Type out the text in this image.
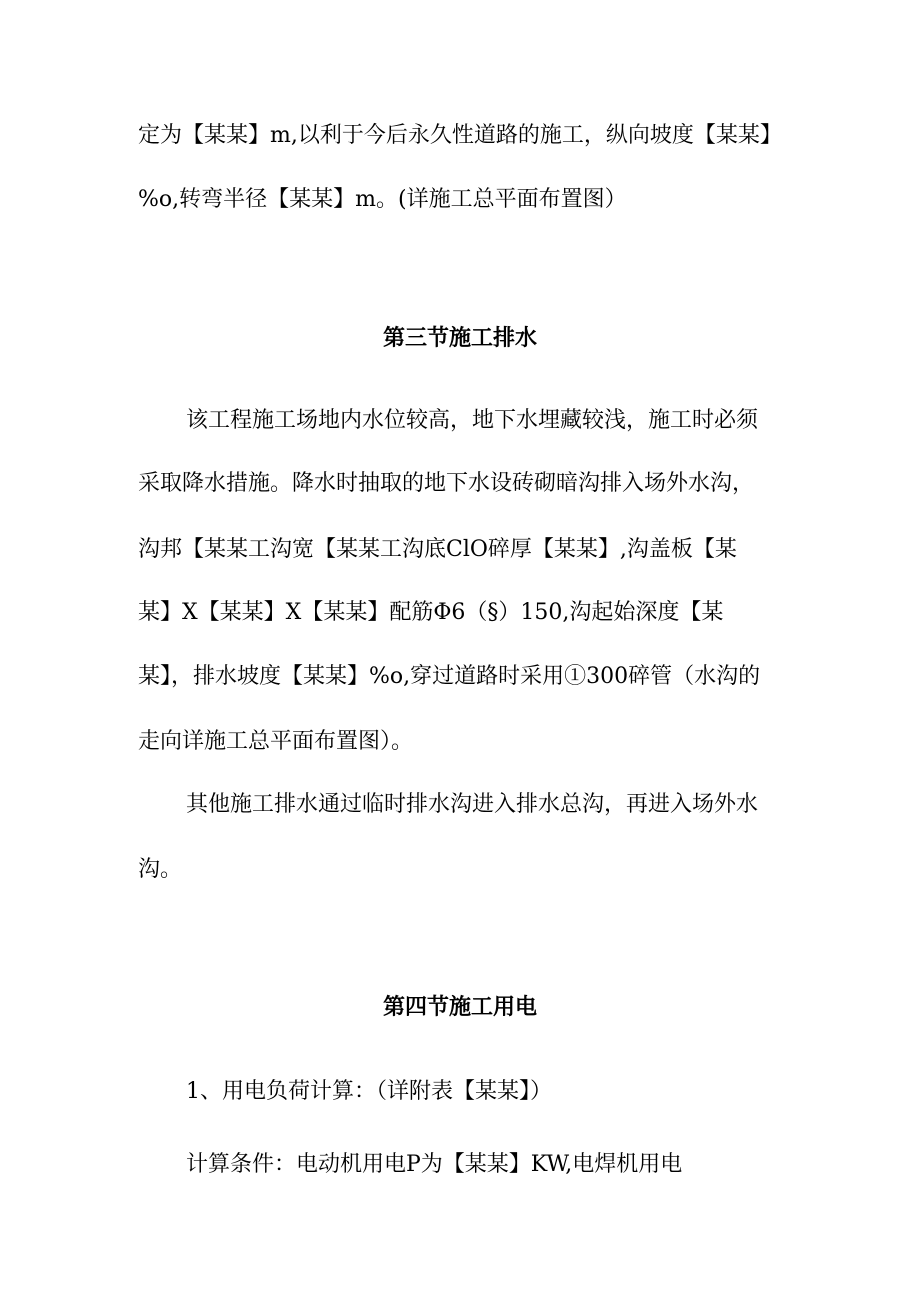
定为【某某】m,以利于今后永久性道路的施工，纵向坡度【某某】

%o,转弯半径【某某】m。(详施工总平面布置图）

第三节施工排水

该工程施工场地内水位较高，地下水埋藏较浅，施工时必须

采取降水措施。降水时抽取的地下水设砖砌暗沟排入场外水沟，

沟邦【某某工沟宽【某某工沟底ClO碎厚【某某】,沟盖板【某

某】X【某某】X【某某】配筋Φ6（§）150,沟起始深度【某

某】，排水坡度【某某】%o,穿过道路时采用①300碎管（水沟的

走向详施工总平面布置图）。

其他施工排水通过临时排水沟进入排水总沟，再进入场外水

沟。

第四节施工用电

1、用电负荷计算：（详附表【某某】）

计算条件：电动机用电P为【某某】KW,电焊机用电
